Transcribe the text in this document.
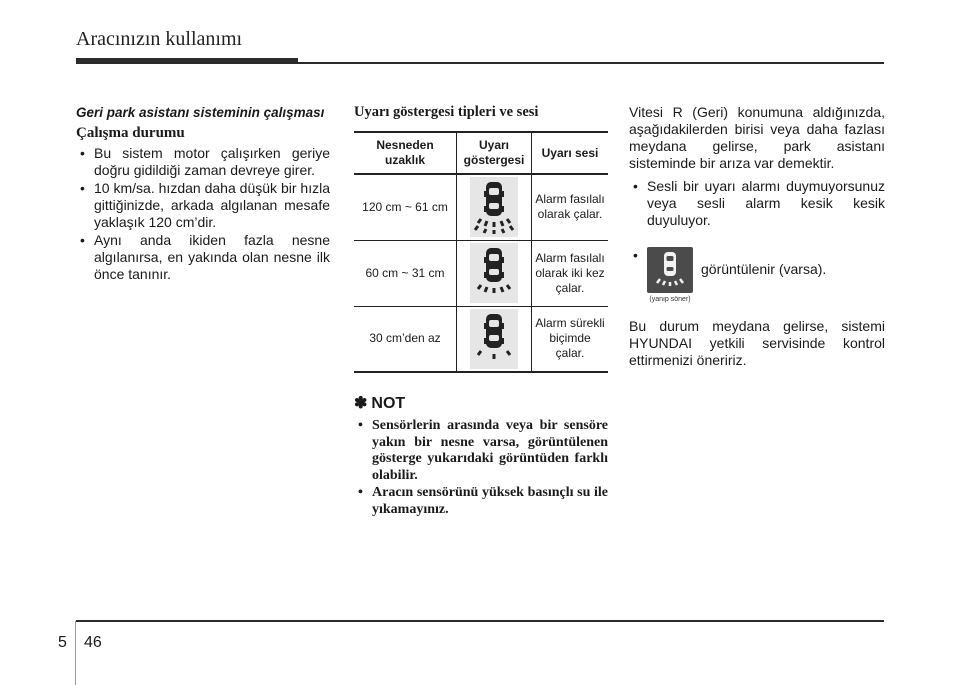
Aracınızın kullanımı
Geri park asistanı sisteminin çalışması
Çalışma durumu
• Bu sistem motor çalışırken geriye doğru gidildiği zaman devreye girer.
• 10 km/sa. hızdan daha düşük bir hızla gittiğinizde, arkada algılanan mesafe yaklaşık 120 cm’dir.
• Aynı anda ikiden fazla nesne algılanırsa, en yakında olan nesne ilk önce tanınır.
Uyarı göstergesi tipleri ve sesi
Nesneden uzaklık	Uyarı göstergesi	Uyarı sesi
120 cm ~ 61 cm		Alarm fasılalı olarak çalar.
60 cm ~ 31 cm		Alarm fasılalı olarak iki kez çalar.
30 cm’den az		Alarm sürekli biçimde çalar.
✽ NOT
• Sensörlerin arasında veya bir sensöre yakın bir nesne varsa, görüntülenen gösterge yukarıdaki görüntüden farklı olabilir.
• Aracın sensörünü yüksek basınçlı su ile yıkamayınız.

Vitesi R (Geri) konumuna aldığınızda, aşağıdakilerden birisi veya daha fazlası meydana gelirse, park asistanı sisteminde bir arıza var demektir.

• Sesli bir uyarı alarmı duymuyorsunuz veya sesli alarm kesik kesik duyuluyor.
•
(yanıp söner)
görüntülenir (varsa).

Bu durum meydana gelirse, sistemi HYUNDAI yetkili servisinde kontrol ettirmenizi öneririz.

5 46
